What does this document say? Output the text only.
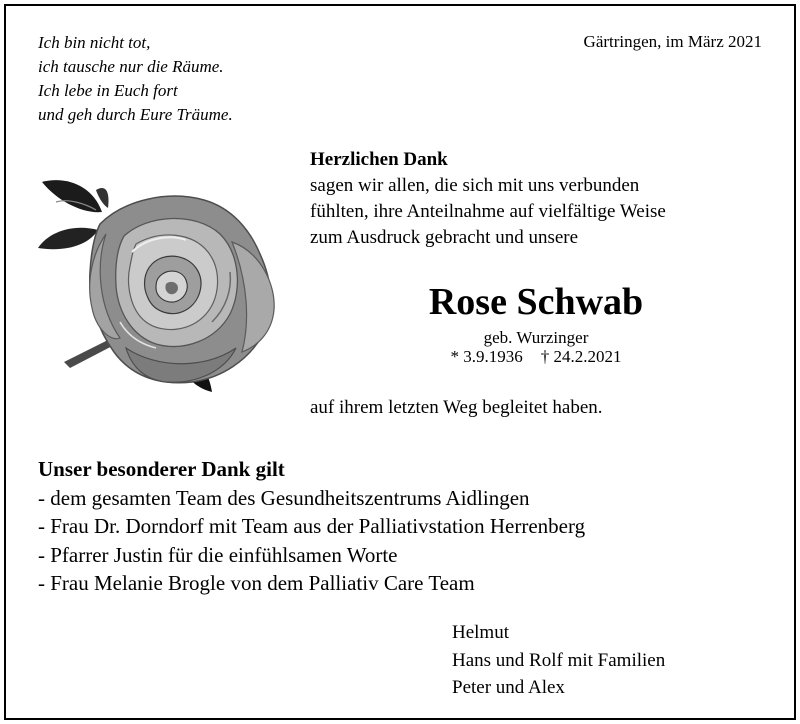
Ich bin nicht tot,
ich tausche nur die Räume.
Ich lebe in Euch fort
und geh durch Eure Träume.
Gärtringen, im März 2021
Herzlichen Dank
sagen wir allen, die sich mit uns verbunden
fühlten, ihre Anteilnahme auf vielfältige Weise
zum Ausdruck gebracht und unsere
Rose Schwab
geb. Wurzinger
* 3.9.1936 † 24.2.2021
auf ihrem letzten Weg begleitet haben.
Unser besonderer Dank gilt
- dem gesamten Team des Gesundheitszentrums Aidlingen
- Frau Dr. Dorndorf mit Team aus der Palliativstation Herrenberg
- Pfarrer Justin für die einfühlsamen Worte
- Frau Melanie Brogle von dem Palliativ Care Team
Helmut
Hans und Rolf mit Familien
Peter und Alex
